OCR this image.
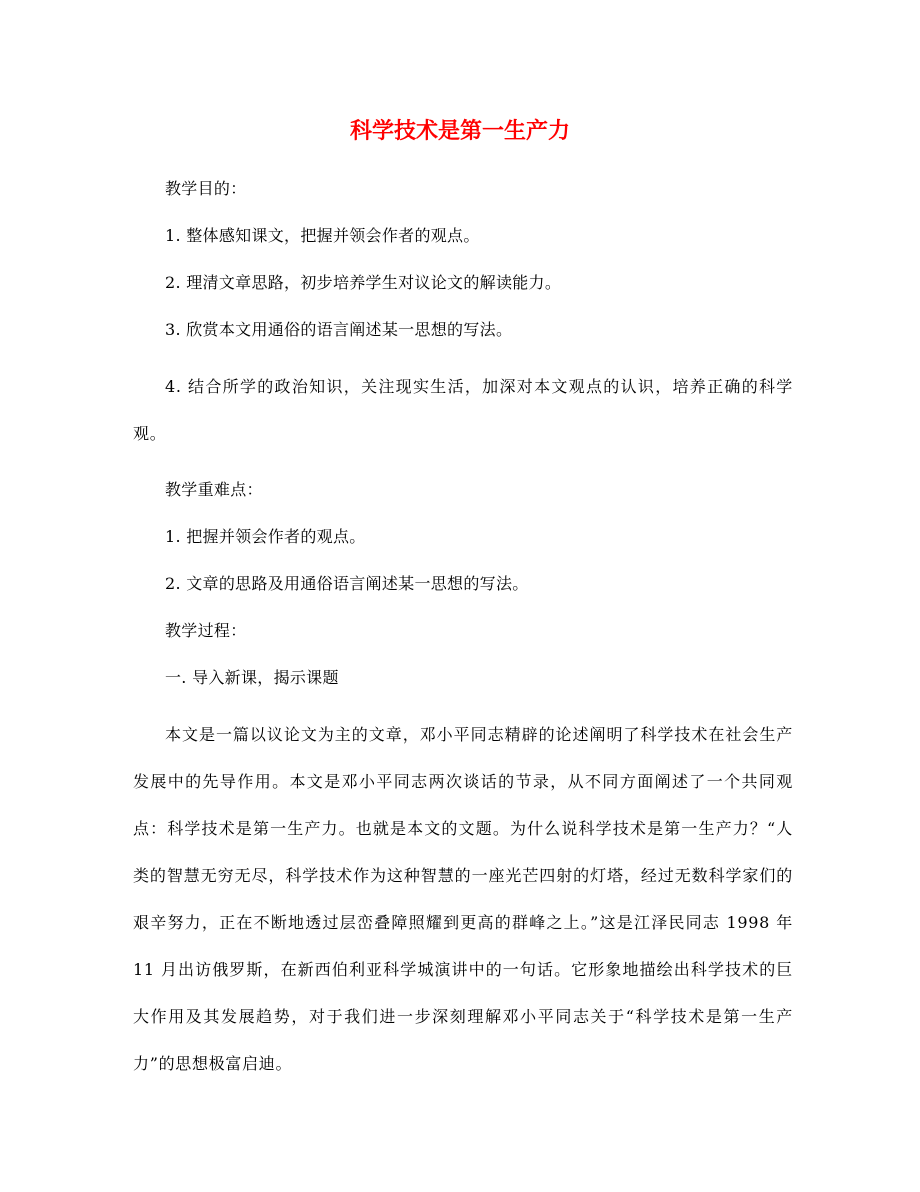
科学技术是第一生产力

教学目的：

1. 整体感知课文，把握并领会作者的观点。

2. 理清文章思路，初步培养学生对议论文的解读能力。

3. 欣赏本文用通俗的语言阐述某一思想的写法。

4. 结合所学的政治知识，关注现实生活，加深对本文观点的认识，培养正确的科学观。

教学重难点：

1. 把握并领会作者的观点。

2. 文章的思路及用通俗语言阐述某一思想的写法。

教学过程：

一. 导入新课，揭示课题

本文是一篇以议论文为主的文章，邓小平同志精辟的论述阐明了科学技术在社会生产发展中的先导作用。本文是邓小平同志两次谈话的节录，从不同方面阐述了一个共同观点：科学技术是第一生产力。也就是本文的文题。为什么说科学技术是第一生产力？“人类的智慧无穷无尽，科学技术作为这种智慧的一座光芒四射的灯塔，经过无数科学家们的艰辛努力，正在不断地透过层峦叠障照耀到更高的群峰之上。”这是江泽民同志 1998 年 11 月出访俄罗斯，在新西伯利亚科学城演讲中的一句话。它形象地描绘出科学技术的巨大作用及其发展趋势，对于我们进一步深刻理解邓小平同志关于“科学技术是第一生产力”的思想极富启迪。
